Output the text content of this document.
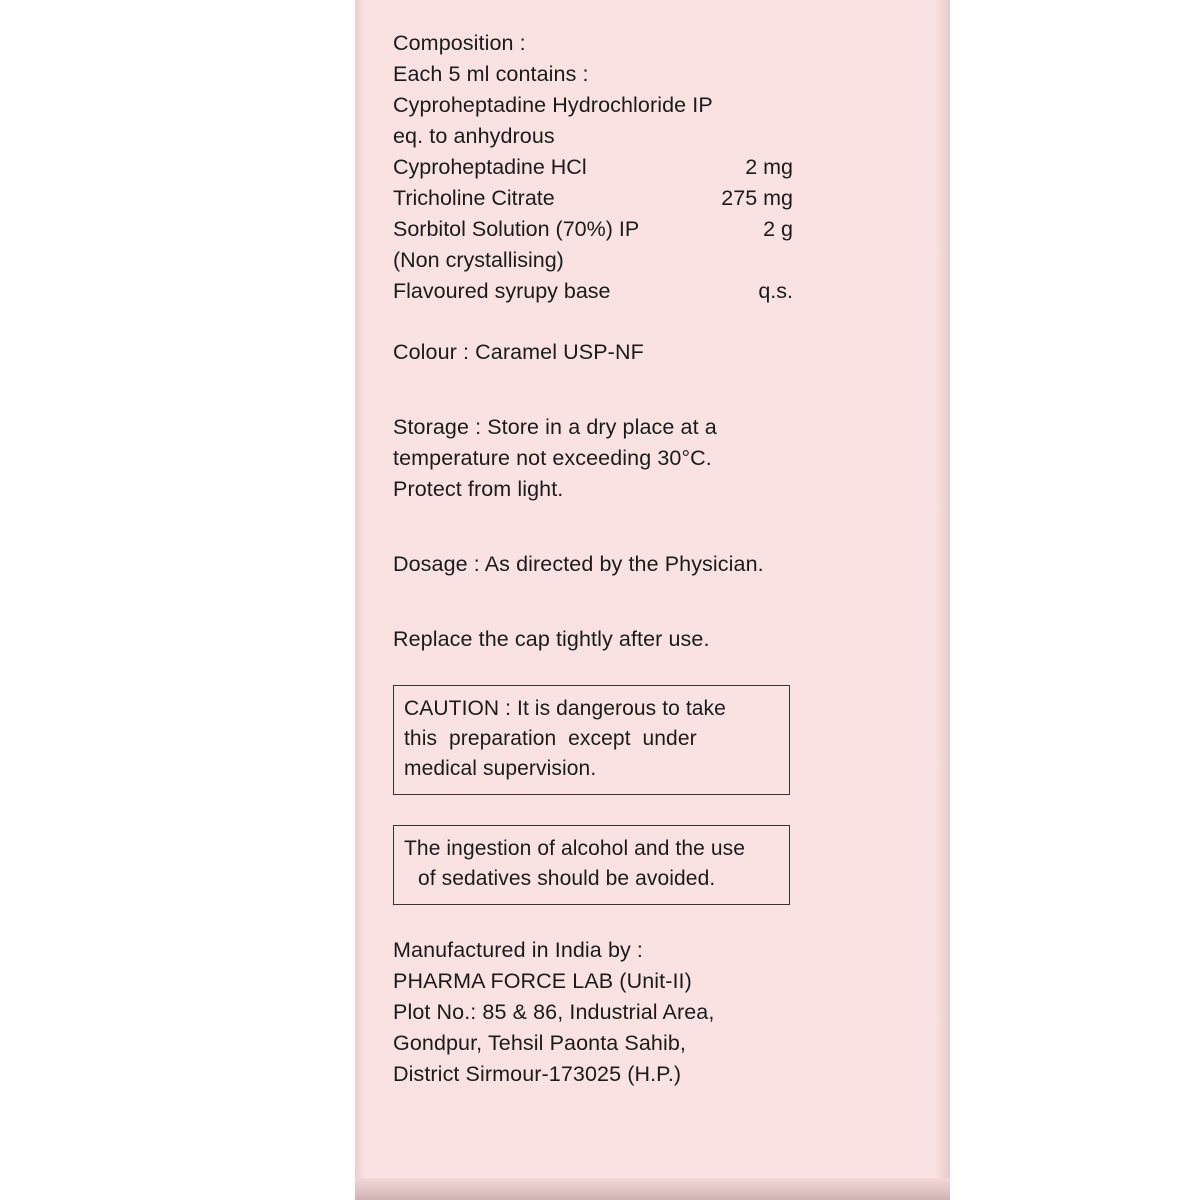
Composition :
Each 5 ml contains :
Cyproheptadine Hydrochloride IP
eq. to anhydrous
Cyproheptadine HCl	2 mg
Tricholine Citrate	275 mg
Sorbitol Solution (70%) IP	2 g
(Non crystallising)
Flavoured syrupy base	q.s.
Colour : Caramel USP-NF
Storage : Store in a dry place at a
temperature not exceeding 30°C.
Protect from light.
Dosage : As directed by the Physician.
Replace the cap tightly after use.
CAUTION : It is dangerous to take
this  preparation  except  under
medical supervision.
The ingestion of alcohol and the use
of sedatives should be avoided.
Manufactured in India by :
PHARMA FORCE LAB (Unit-II)
Plot No.: 85 & 86, Industrial Area,
Gondpur, Tehsil Paonta Sahib,
District Sirmour-173025 (H.P.)
